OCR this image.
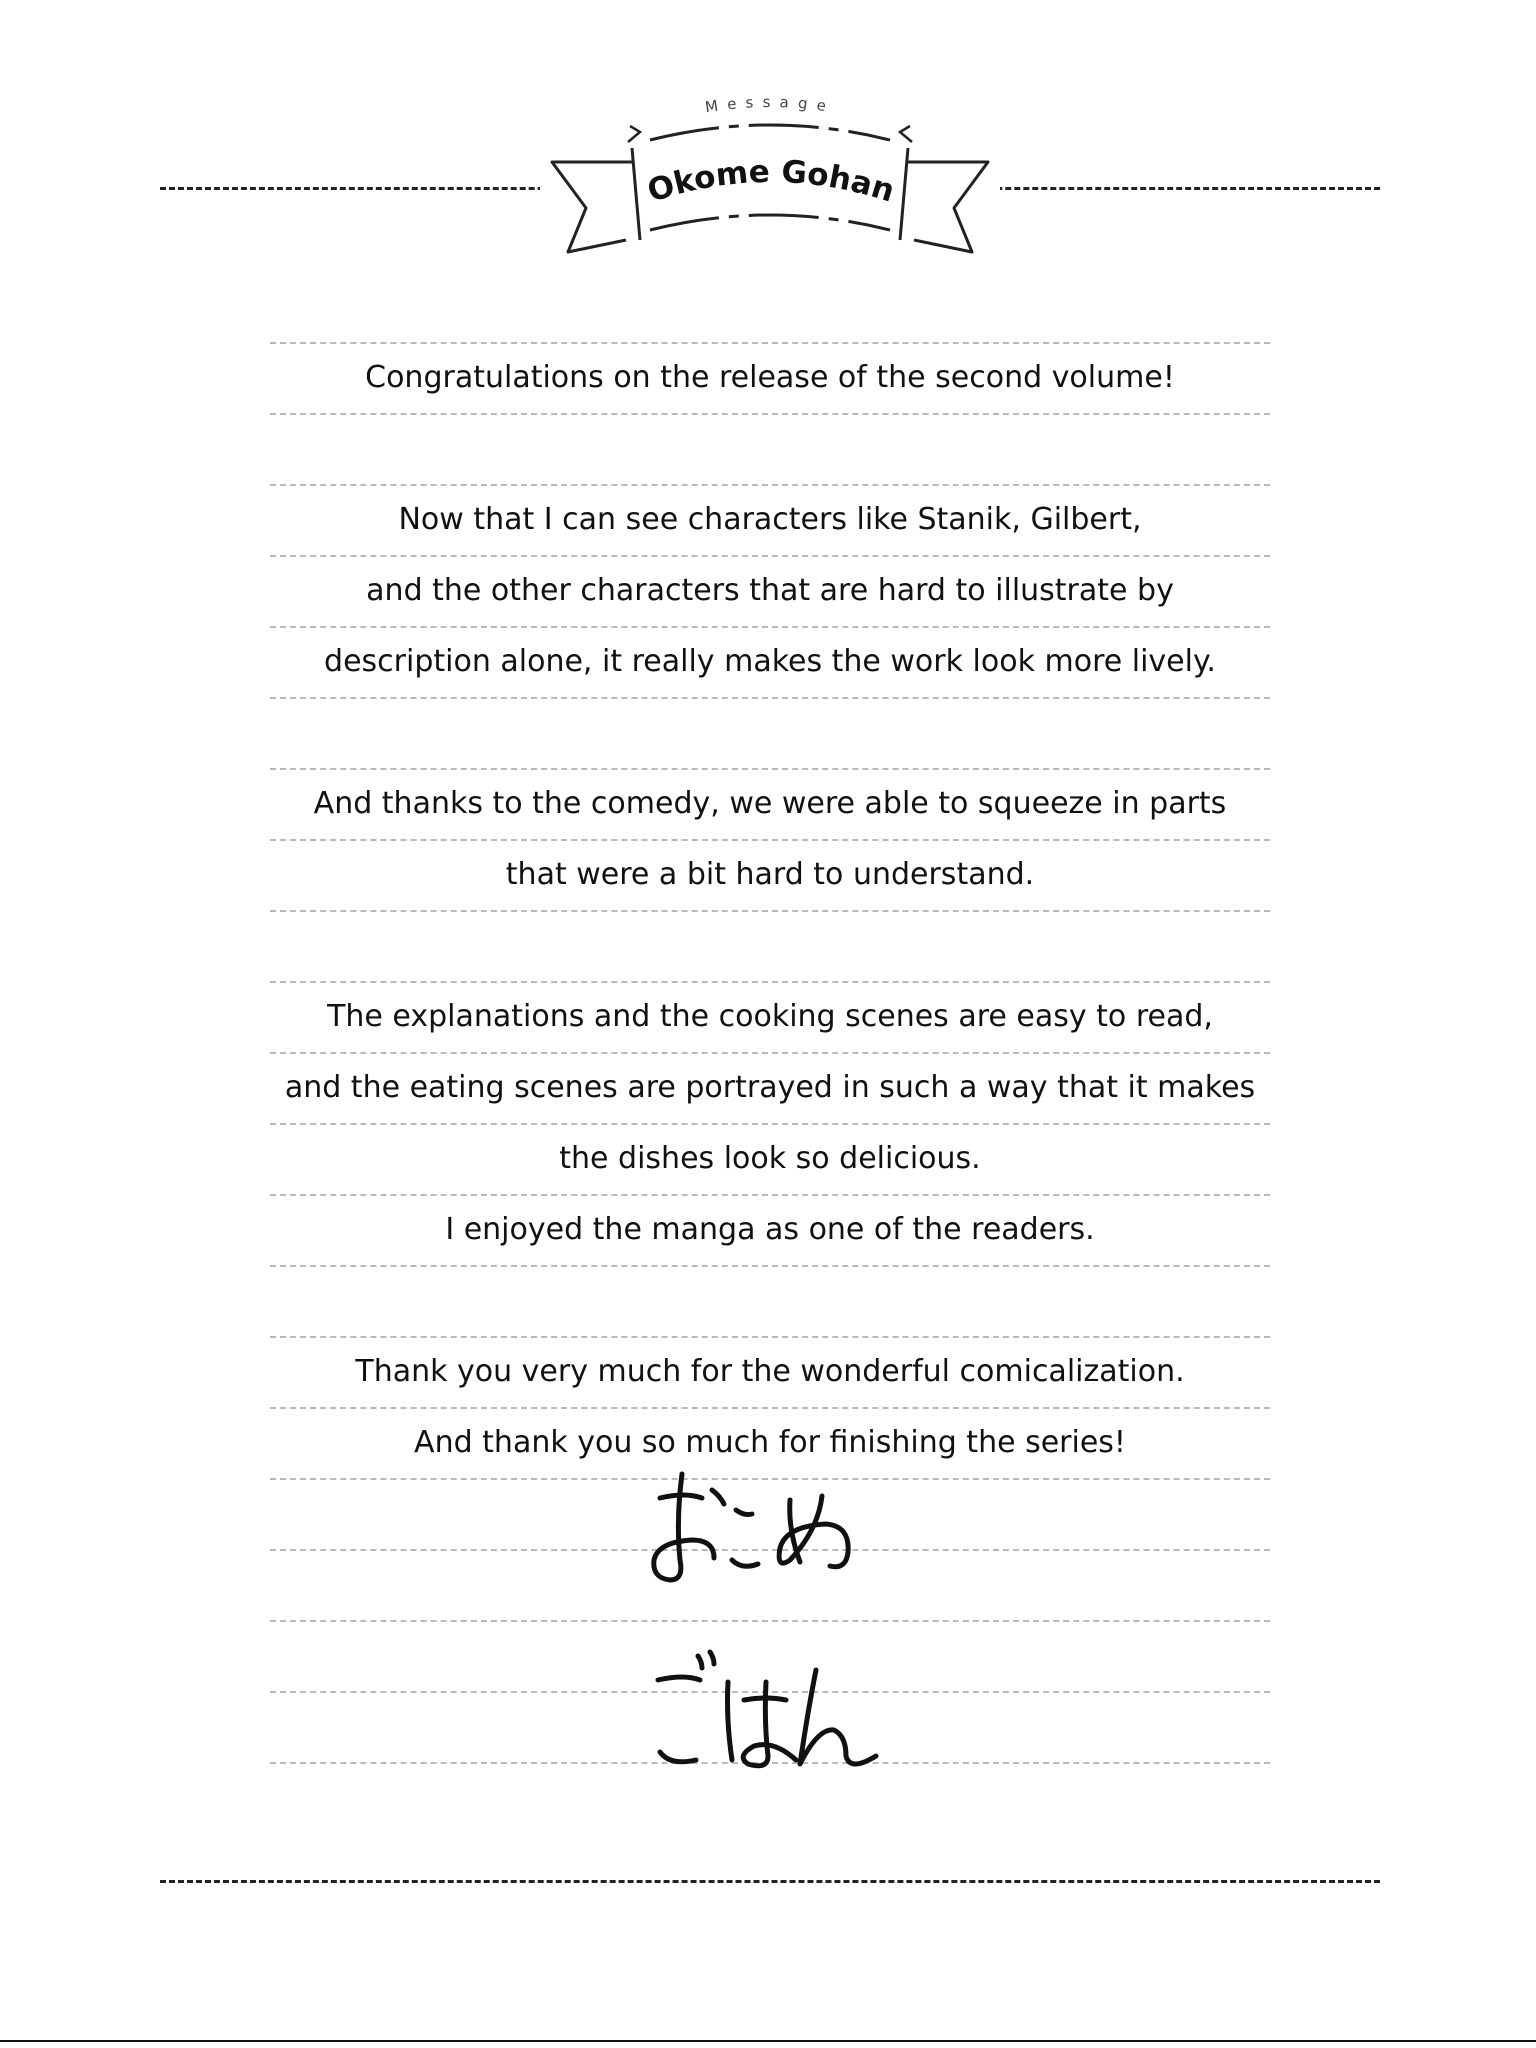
Message
Okome Gohan
Congratulations on the release of the second volume!
Now that I can see characters like Stanik, Gilbert,
and the other characters that are hard to illustrate by
description alone, it really makes the work look more lively.
And thanks to the comedy, we were able to squeeze in parts
that were a bit hard to understand.
The explanations and the cooking scenes are easy to read,
and the eating scenes are portrayed in such a way that it makes
the dishes look so delicious.
I enjoyed the manga as one of the readers.
Thank you very much for the wonderful comicalization.
And thank you so much for finishing the series!
